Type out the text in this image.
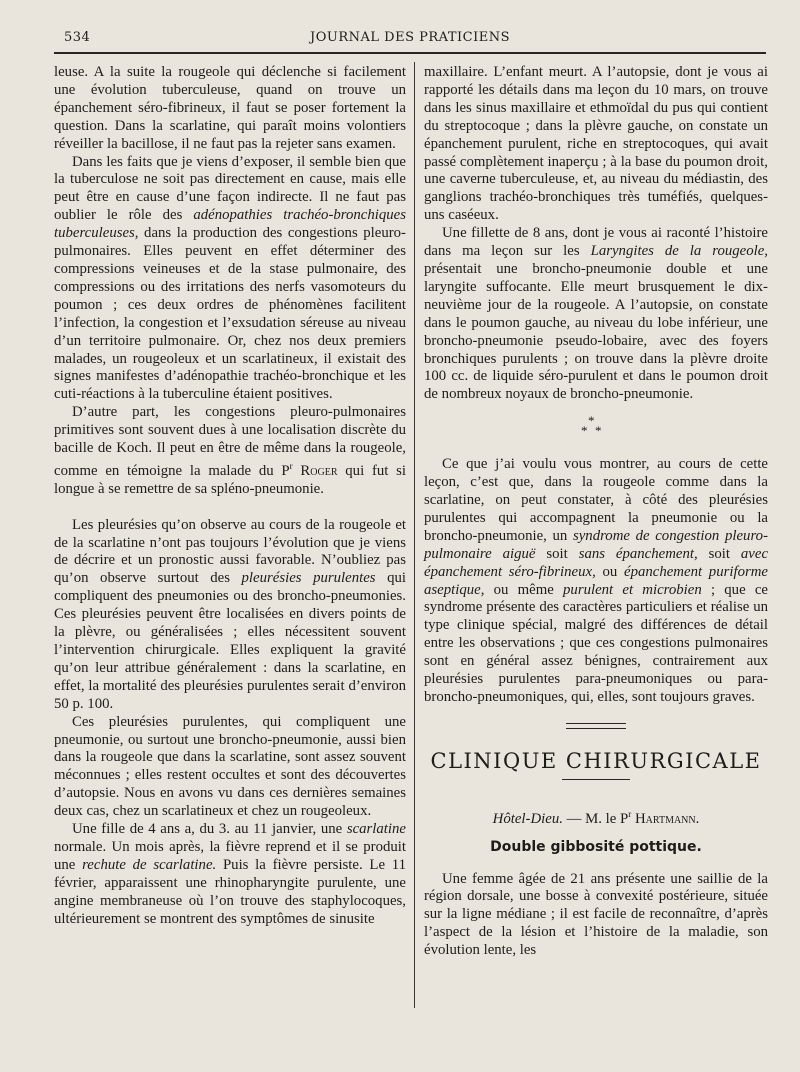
534	JOURNAL DES PRATICIENS

leuse. A la suite la rougeole qui déclenche si facilement une évolution tuberculeuse, quand on trouve un épanchement séro-fibrineux, il faut se poser fortement la question. Dans la scarlatine, qui paraît moins volontiers réveiller la bacillose, il ne faut pas la rejeter sans examen.

Dans les faits que je viens d’exposer, il semble bien que la tuberculose ne soit pas directement en cause, mais elle peut être en cause d’une façon indirecte. Il ne faut pas oublier le rôle des adénopathies trachéo-bronchiques tuberculeuses, dans la production des congestions pleuro-pulmonaires. Elles peuvent en effet déterminer des compressions veineuses et de la stase pulmonaire, des compressions ou des irritations des nerfs vasomoteurs du poumon ; ces deux ordres de phénomènes facilitent l’infection, la congestion et l’exsudation séreuse au niveau d’un territoire pulmonaire. Or, chez nos deux premiers malades, un rougeoleux et un scarlatineux, il existait des signes manifestes d’adénopathie trachéo-bronchique et les cuti-réactions à la tuberculine étaient positives.

D’autre part, les congestions pleuro-pulmonaires primitives sont souvent dues à une localisation discrète du bacille de Koch. Il peut en être de même dans la rougeole, comme en témoigne la malade du $P^r$ Roger qui fut si longue à se remettre de sa spléno-pneumonie.

Les pleurésies qu’on observe au cours de la rougeole et de la scarlatine n’ont pas toujours l’évolution que je viens de décrire et un pronostic aussi favorable. N’oubliez pas qu’on observe surtout des pleurésies purulentes qui compliquent des pneumonies ou des broncho-pneumonies. Ces pleurésies peuvent être localisées en divers points de la plèvre, ou généralisées ; elles nécessitent souvent l’intervention chirurgicale. Elles expliquent la gravité qu’on leur attribue généralement : dans la scarlatine, en effet, la mortalité des pleurésies purulentes serait d’environ 50 p. 100.

Ces pleurésies purulentes, qui compliquent une pneumonie, ou surtout une broncho-pneumonie, aussi bien dans la rougeole que dans la scarlatine, sont assez souvent méconnues ; elles restent occultes et sont des découvertes d’autopsie. Nous en avons vu dans ces dernières semaines deux cas, chez un scarlatineux et chez un rougeoleux.

Une fille de 4 ans a, du 3. au 11 janvier, une scarlatine normale. Un mois après, la fièvre reprend et il se produit une rechute de scarlatine. Puis la fièvre persiste. Le 11 février, apparaissent une rhinopharyngite purulente, une angine membraneuse où l’on trouve des staphylocoques, ultérieurement se montrent des symptômes de sinusite

maxillaire. L’enfant meurt. A l’autopsie, dont je vous ai rapporté les détails dans ma leçon du 10 mars, on trouve dans les sinus maxillaire et ethmoïdal du pus qui contient du streptocoque ; dans la plèvre gauche, on constate un épanchement purulent, riche en streptocoques, qui avait passé complètement inaperçu ; à la base du poumon droit, une caverne tuberculeuse, et, au niveau du médiastin, des ganglions trachéo-bronchiques très tuméfiés, quelques-uns caséeux.

Une fillette de 8 ans, dont je vous ai raconté l’histoire dans ma leçon sur les Laryngites de la rougeole, présentait une broncho-pneumonie double et une laryngite suffocante. Elle meurt brusquement le dix-neuvième jour de la rougeole. A l’autopsie, on constate dans le poumon gauche, au niveau du lobe inférieur, une broncho-pneumonie pseudo-lobaire, avec des foyers bronchiques purulents ; on trouve dans la plèvre droite 100 cc. de liquide séro-purulent et dans le poumon droit de nombreux noyaux de broncho-pneumonie.

*
* *

Ce que j’ai voulu vous montrer, au cours de cette leçon, c’est que, dans la rougeole comme dans la scarlatine, on peut constater, à côté des pleurésies purulentes qui accompagnent la pneumonie ou la broncho-pneumonie, un syndrome de congestion pleuro-pulmonaire aiguë soit sans épanchement, soit avec épanchement séro-fibrineux, ou épanchement puriforme aseptique, ou même purulent et microbien ; que ce syndrome présente des caractères particuliers et réalise un type clinique spécial, malgré des différences de détail entre les observations ; que ces congestions pulmonaires sont en général assez bénignes, contrairement aux pleurésies purulentes para-pneumoniques ou para-broncho-pneumoniques, qui, elles, sont toujours graves.

CLINIQUE CHIRURGICALE
Hôtel-Dieu. — M. le $P^r$ Hartmann.
Double gibbosité pottique.

Une femme âgée de 21 ans présente une saillie de la région dorsale, une bosse à convexité postérieure, située sur la ligne médiane ; il est facile de reconnaître, d’après l’aspect de la lésion et l’histoire de la maladie, son évolution lente, les
